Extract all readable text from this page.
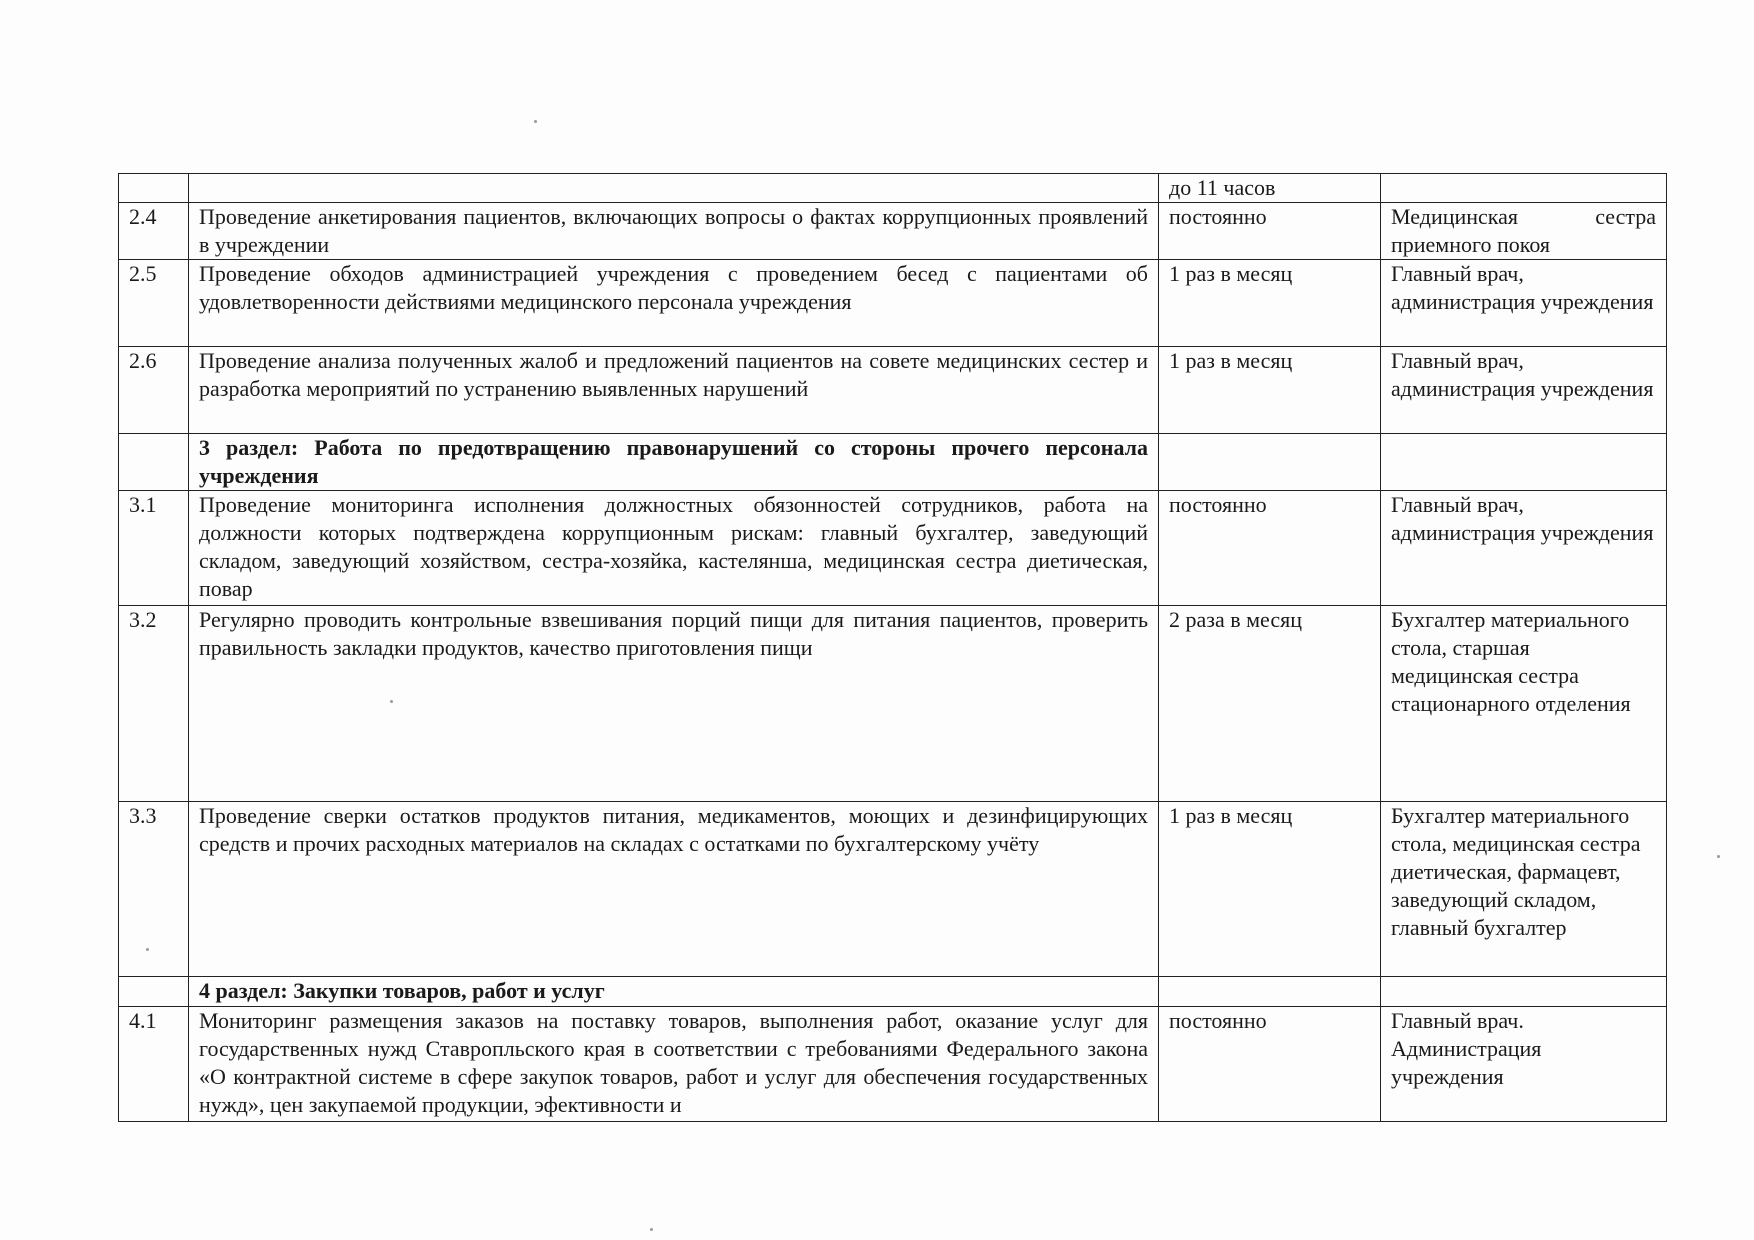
		до 11 часов	
2.4	Проведение анкетирования пациентов, включающих вопросы о фактах коррупционных проявлений в учреждении	постоянно	Медицинская сестра
приемного покоя
2.5	Проведение обходов администрацией учреждения с проведением бесед с пациентами об удовлетворенности действиями медицинского персонала учреждения	1 раз в месяц	Главный врач, администрация учреждения
2.6	Проведение анализа полученных жалоб и предложений пациентов на совете медицинских сестер и разработка мероприятий по устранению выявленных нарушений	1 раз в месяц	Главный врач, администрация учреждения
	3 раздел: Работа по предотвращению правонарушений со стороны прочего персонала учреждения		
3.1	Проведение мониторинга исполнения должностных обязонностей сотрудников, работа на должности которых подтверждена коррупционным рискам: главный бухгалтер, заведующий складом, заведующий хозяйством, сестра-хозяйка, кастелянша, медицинская сестра диетическая, повар	постоянно	Главный врач, администрация учреждения
3.2	Регулярно проводить контрольные взвешивания порций пищи для питания пациентов, проверить правильность закладки продуктов, качество приготовления пищи	2 раза в месяц	Бухгалтер материального стола, старшая медицинская сестра стационарного отделения
3.3	Проведение сверки остатков продуктов питания, медикаментов, моющих и дезинфицирующих средств и прочих расходных материалов на складах с остатками по бухгалтерскому учёту	1 раз в месяц	Бухгалтер материального стола, медицинская сестра диетическая, фармацевт, заведующий складом, главный бухгалтер
	4 раздел: Закупки товаров, работ и услуг		
4.1	Мониторинг размещения заказов на поставку товаров, выполнения работ, оказание услуг для государственных нужд Ставропльского края в соответствии с требованиями Федерального закона «О контрактной системе в сфере закупок товаров, работ и услуг для обеспечения государственных нужд», цен закупаемой продукции, эфективности и	постоянно	Главный врач. Администрация учреждения
